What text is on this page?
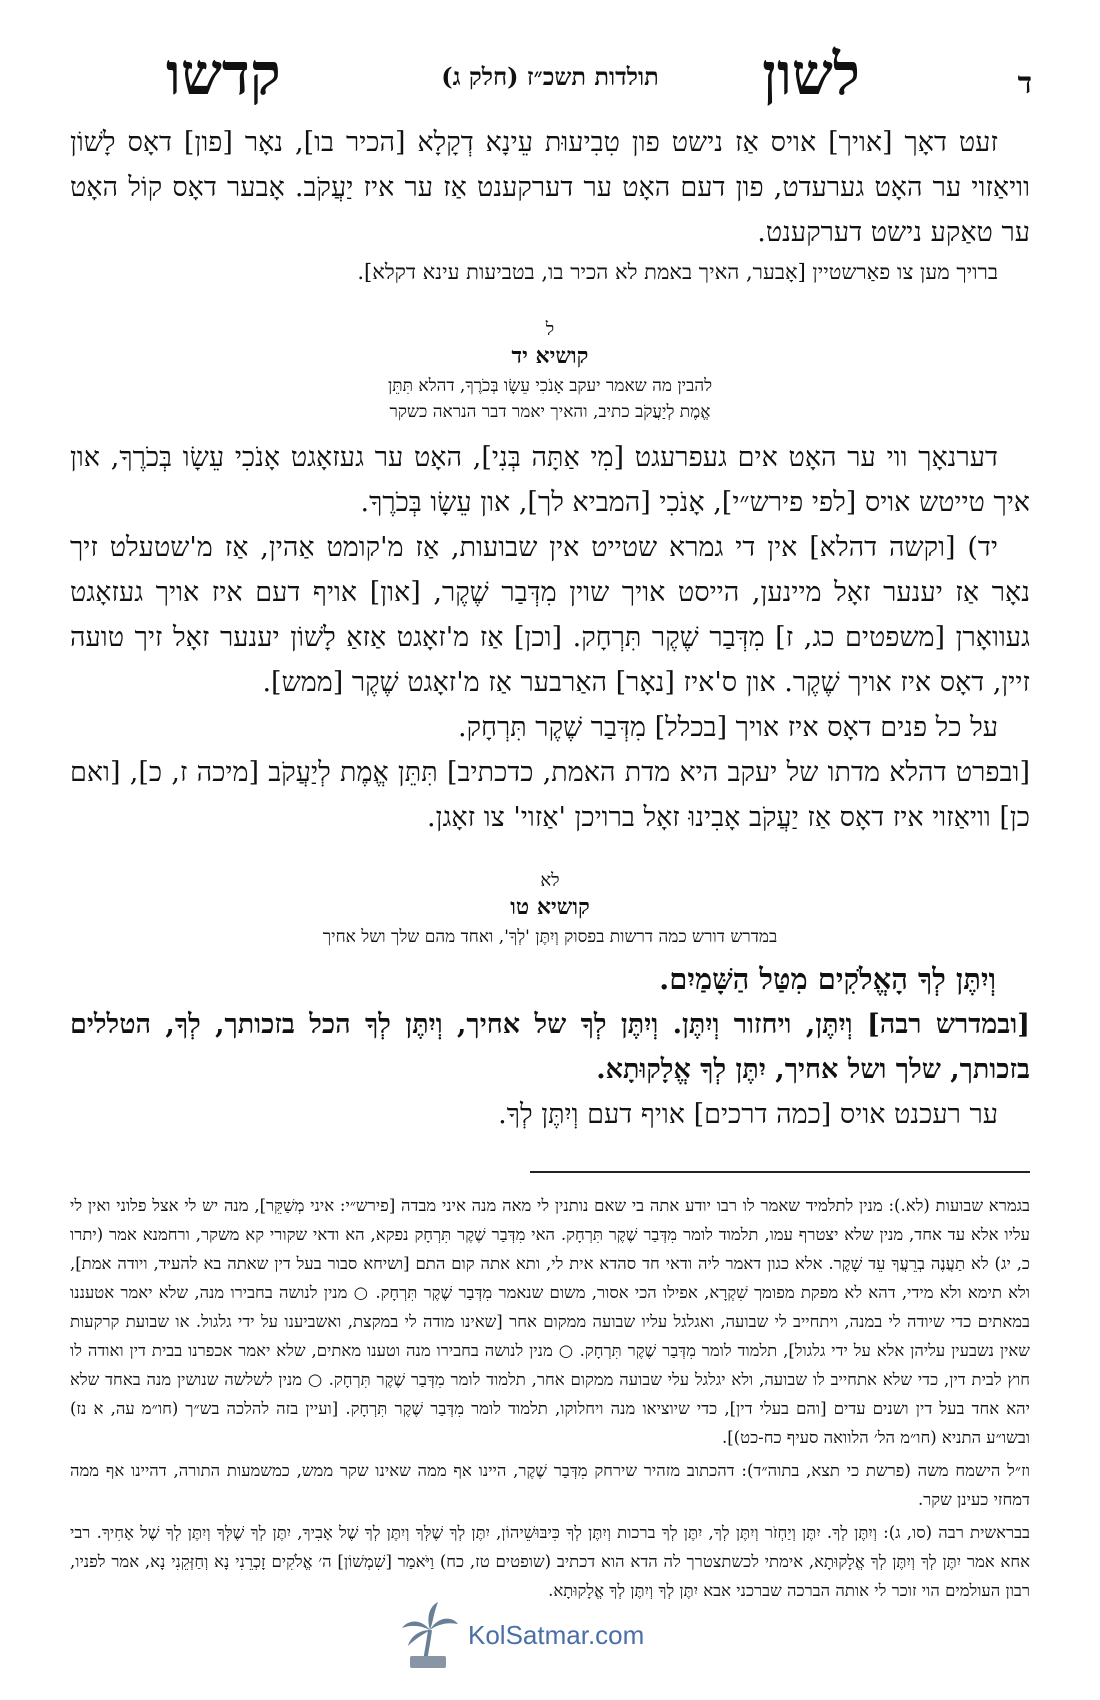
ד
לשון
תולדות תשכ״ז (חלק ג)
קדשו

זעט דאָך [אויך] אויס אַז נישט פון טִבִיעוּת עֵינָא דְקָלָא [הכיר בו], נאָר [פון] דאָס לָשׁוֹן וויאַזוי ער האָט גערעדט, פון דעם האָט ער דערקענט אַז ער איז יַעֲקֹב. אָבער דאָס קוֹל האָט ער טאַקע נישט דערקענט.

ברויך מען צו פאַרשטיין [אָבער, האיך באמת לא הכיר בו, בטביעות עינא דקלא].

ל
קושיא יד

להבין מה שאמר יעקב אָנֹכִי עֵשָׂו בְּכֹרֶךָ, דהלא תִּתֵּן

אֱמֶת לְיַעֲקֹב כתיב, והאיך יאמר דבר הנראה כשקר

דערנאָך ווי ער האָט אים געפרעגט [מִי אַתָּה בְּנִי], האָט ער געזאָגט אָנֹכִי עֵשָׂו בְּכֹרֶךָ, און איך טייטש אויס [לפי פירש״י], אָנֹכִי [המביא לך], און עֵשָׂו בְּכֹרֶךָ.

יד) [וקשה דהלא] אין די גמרא שטייט אין שבועות, אַז מ'קומט אַהין, אַז מ'שטעלט זיך נאָר אַז יענער זאָל מיינען, הייסט אויך שוין מִדְּבַר שֶׁקֶר, [און] אויף דעם איז אויך געזאָגט געוואָרן [משפטים כג, ז] מִדְּבַר שֶׁקֶר תִּרְחָק. [וכן] אַז מ'זאָגט אַזאַ לָשׁוֹן יענער זאָל זיך טועה זיין, דאָס איז אויך שֶׁקֶר. און ס'איז [נאָר] האַרבער אַז מ'זאָגט שֶׁקֶר [ממש].

על כל פנים דאָס איז אויך [בכלל] מִדְּבַר שֶׁקֶר תִּרְחָק.

[ובפרט דהלא מדתו של יעקב היא מדת האמת, כדכתיב] תִּתֵּן אֱמֶת לְיַעֲקֹב [מיכה ז, כ], [ואם כן] וויאַזוי איז דאָס אַז יַעֲקֹב אָבִינוּ זאָל ברויכן 'אַזוי' צו זאָגן.

לא
קושיא טו

במדרש דורש כמה דרשות בפסוק וְיִתֶּן 'לְךָ', ואחד מהם שלך ושל אחיך

וְיִתֶּן לְךָ הָאֱלֹקִים מִטַּל הַשָּׁמַיִם.

[ובמדרש רבה] וְיִתֶּן, ויחזור וְיִתֶּן. וְיִתֶּן לְךָ של אחיך, וְיִתֶּן לְךָ הכל בזכותך, לְךָ, הטללים בזכותך, שלך ושל אחיך, יִתֶּן לְךָ אֱלָקוּתָא.

ער רעכנט אויס [כמה דרכים] אויף דעם וְיִתֶּן לְךָ.

בגמרא שבועות (לא.): מנין לתלמיד שאמר לו רבו יודע אתה בי שאם נותנין לי מאה מנה איני מבדה [פירש״י: איני מְשַׁקֵּר], מנה יש לי אצל פלוני ואין לי עליו אלא עד אחד, מנין שלא יצטרף עמו, תלמוד לומר מִדְּבַר שֶׁקֶר תִּרְחָק. האי מִדְּבַר שֶׁקֶר תִּרְחָק נפקא, הא ודאי שקורי קא משקר, ורחמנא אמר (יתרו כ, יג) לא תַעֲנֶה בְרֵעֲךָ עֵד שָׁקֶר. אלא כגון דאמר ליה ודאי חד סהדא אית לי, ותא אתה קום התם [ושיחא סבור בעל דין שאתה בא להעיד, ויודה אמת], ולא תימא ולא מידי, דהא לא מפקת מפומך שִׁקְרָא, אפילו הכי אסור, משום שנאמר מִדְּבַר שֶׁקֶר תִּרְחָק. ○ מנין לנושה בחבירו מנה, שלא יאמר אטעננו במאתים כדי שיודה לי במנה, ויתחייב לי שבועה, ואגלגל עליו שבועה ממקום אחר [שאינו מודה לי במקצת, ואשביענו על ידי גלגול. או שבועת קרקעות שאין נשבעין עליהן אלא על ידי גלגול], תלמוד לומר מִדְּבַר שֶׁקֶר תִּרְחָק. ○ מנין לנושה בחבירו מנה וטענו מאתים, שלא יאמר אכפרנו בבית דין ואודה לו חוץ לבית דין, כדי שלא אתחייב לו שבועה, ולא יגלגל עלי שבועה ממקום אחר, תלמוד לומר מִדְּבַר שֶׁקֶר תִּרְחָק. ○ מנין לשלשה שנושין מנה באחד שלא יהא אחד בעל דין ושנים עדים [והם בעלי דין], כדי שיוציאו מנה ויחלוקו, תלמוד לומר מִדְּבַר שֶׁקֶר תִּרְחָק. [ועיין בזה להלכה בש״ך (חו״מ עה, א נז) ובשו״ע התניא (חו״מ הל׳ הלוואה סעיף כח-כט)].

וז״ל הישמח משה (פרשת כי תצא, בתוה״ד): דהכתוב מזהיר שירחק מִדְּבַר שֶׁקֶר, היינו אף ממה שאינו שקר ממש, כמשמעות התורה, דהיינו אף ממה דמחזי כעינן שקר.

בבראשית רבה (סו, ג): וְיִתֶּן לְךָ. יִתֶּן וְיַחְזֹר וְיִתֶּן לְךָ, יִתֶּן לְךָ ברכות וְיִתֶּן לְךָ כִּיבּוּשֵׁיהוֹן, יִתֶּן לְךָ שֶׁלְּךָ וְיִתֶּן לְךָ שֶׁל אָבִיךָ, יִתֶּן לְךָ שֶׁלְּךָ וְיִתֶּן לְךָ שֶׁל אָחִיךָ. רבי אחא אמר יִתֶּן לְךָ וְיִתֶּן לְךָ אֱלָקוּתָא, אימתי לכשתצטרך לה הדא הוא דכתיב (שופטים טז, כח) וַיֹּאמַר [שִׁמְשׁוֹן] ה׳ אֱלֹקִים זָכְרֵנִי נָא וְחַזְּקֵנִי נָא, אמר לפניו, רבון העולמים הוי זוכר לי אותה הברכה שברכני אבא יִתֶּן לְךָ וְיִתֶּן לְךָ אֱלָקוּתָא.

KolSatmar.com
